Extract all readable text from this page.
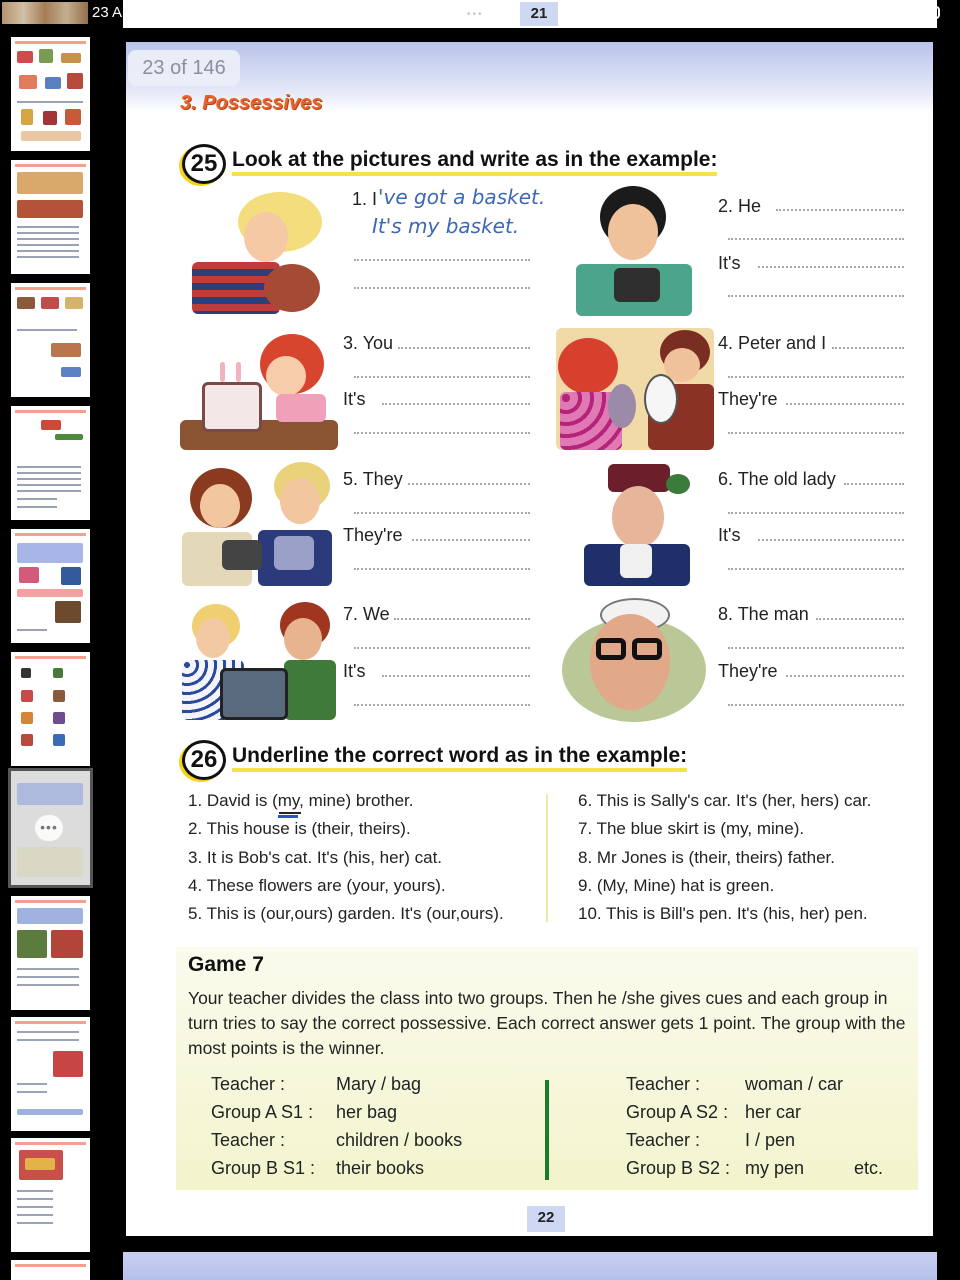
23 A
•••
•••	21
3. Possessives
25 Look at the pictures and write as in the example:
1. I 've got a basket.
It's my basket.
2. He
It's
3. You
It's
4. Peter and I
They're
5. They
They're
6. The old lady
It's
7. We
It's
8. The man
They're
26 Underline the correct word as in the example:
1. David is (my, mine) brother.
2. This house is (their, theirs).
3. It is Bob's cat. It's (his, her) cat.
4. These flowers are (your, yours).
5. This is (our,ours) garden. It's (our,ours).
6. This is Sally's car. It's (her, hers) car.
7. The blue skirt is (my, mine).
8. Mr Jones is (their, theirs) father.
9. (My, Mine) hat is green.
10. This is Bill's pen. It's (his, her) pen.
Game 7
Your teacher divides the class into two groups. Then he /she gives cues and each group in turn tries to say the correct possessive. Each correct answer gets 1 point. The group with the most points is the winner.
Teacher :	Mary / bag
Group A S1 : her bag
Teacher :	children / books
Group B S1 : their books
Teacher : woman / car
Group A S2 : her car
Teacher : I / pen
Group B S2 : my pen	etc.
22
23 of 146
